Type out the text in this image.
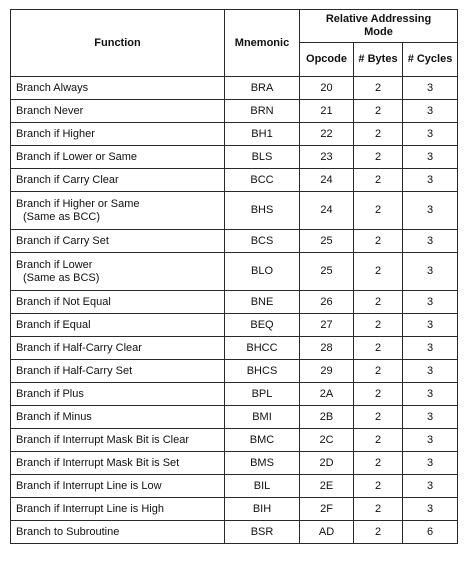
Function	Mnemonic	Relative Addressing Mode		
		Opcode	# Bytes	# Cycles

Branch Always	BRA	20	2	3

Branch Never	BRN	21	2	3

Branch if Higher	BH1	22	2	3

Branch if Lower or Same	BLS	23	2	3

Branch if Carry Clear	BCC	24	2	3

Branch if Higher or Same
(Same as BCC)	BHS	24	2	3

Branch if Carry Set	BCS	25	2	3

Branch if Lower
(Same as BCS)	BLO	25	2	3

Branch if Not Equal	BNE	26	2	3

Branch if Equal	BEQ	27	2	3

Branch if Half-Carry Clear	BHCC	28	2	3

Branch if Half-Carry Set	BHCS	29	2	3

Branch if Plus	BPL	2A	2	3

Branch if Minus	BMI	2B	2	3

Branch if Interrupt Mask Bit is Clear	BMC	2C	2	3

Branch if Interrupt Mask Bit is Set	BMS	2D	2	3

Branch if Interrupt Line is Low	BIL	2E	2	3

Branch if Interrupt Line is High	BIH	2F	2	3

Branch to Subroutine	BSR	AD	2	6
